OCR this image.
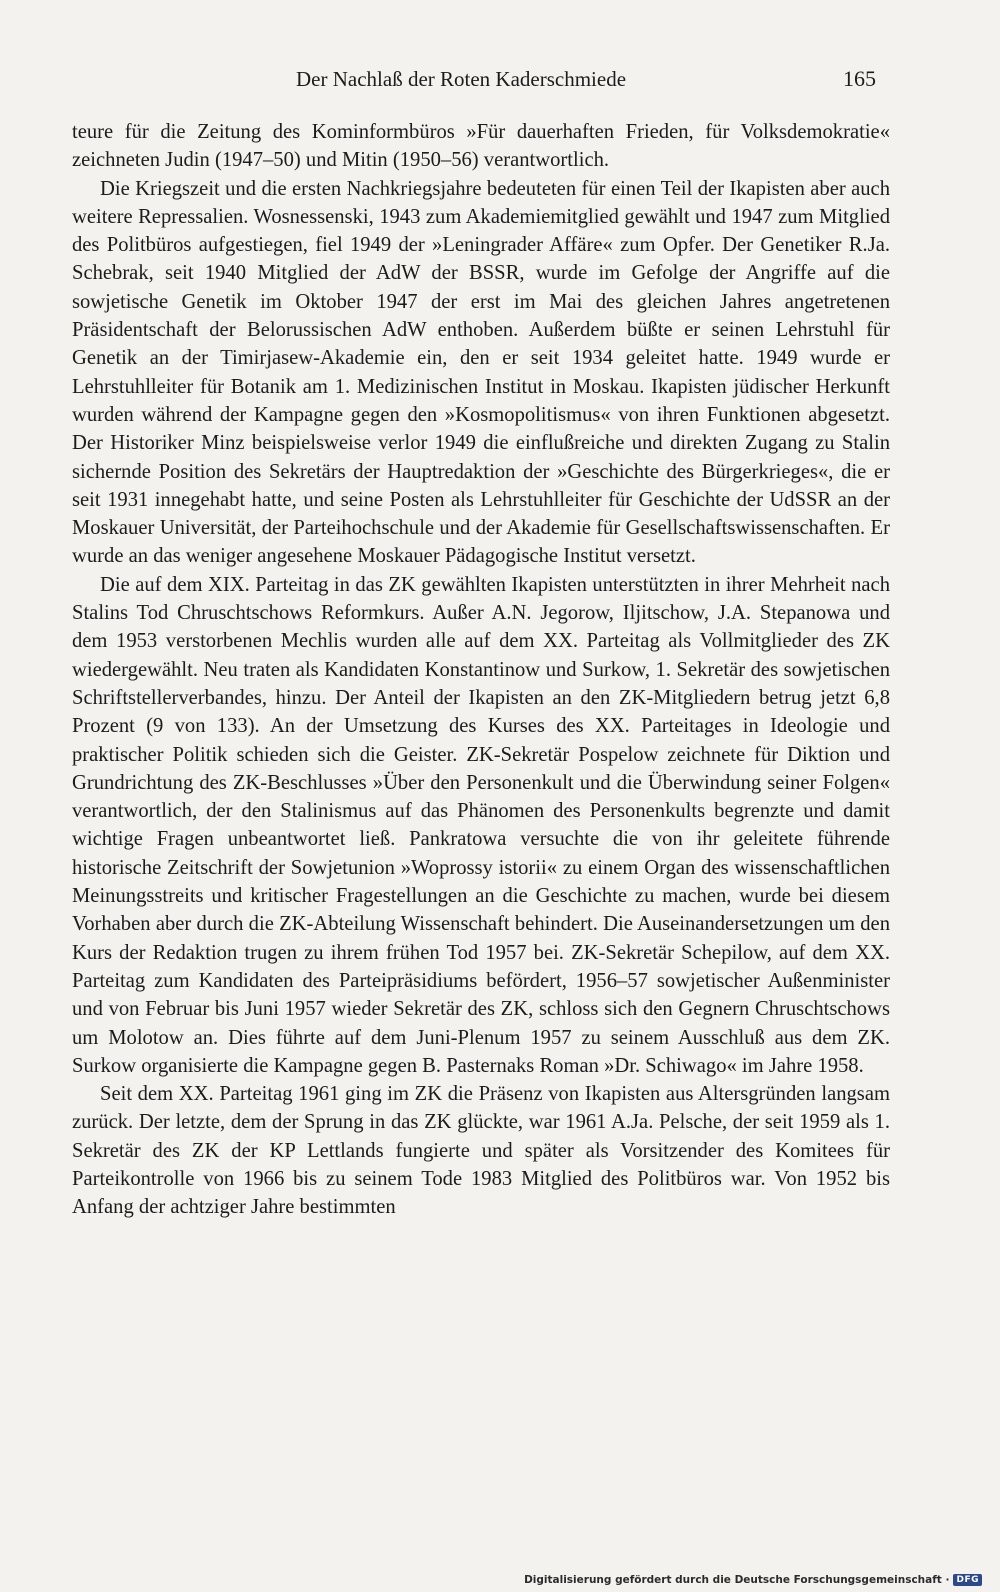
Der Nachlaß der Roten Kaderschmiede	165

teure für die Zeitung des Kominformbüros »Für dauerhaften Frieden, für Volksdemokratie« zeichneten Judin (1947–50) und Mitin (1950–56) verantwortlich.

Die Kriegszeit und die ersten Nachkriegsjahre bedeuteten für einen Teil der Ikapisten aber auch weitere Repressalien. Wosnessenski, 1943 zum Akademiemitglied gewählt und 1947 zum Mitglied des Politbüros aufgestiegen, fiel 1949 der »Leningrader Affäre« zum Opfer. Der Genetiker R.Ja. Schebrak, seit 1940 Mitglied der AdW der BSSR, wurde im Gefolge der Angriffe auf die sowjetische Genetik im Oktober 1947 der erst im Mai des gleichen Jahres angetretenen Präsidentschaft der Belorussischen AdW enthoben. Außerdem büßte er seinen Lehrstuhl für Genetik an der Timirjasew-Akademie ein, den er seit 1934 geleitet hatte. 1949 wurde er Lehrstuhlleiter für Botanik am 1. Medizinischen Institut in Moskau. Ikapisten jüdischer Herkunft wurden während der Kampagne gegen den »Kosmopolitismus« von ihren Funktionen abgesetzt. Der Historiker Minz beispielsweise verlor 1949 die einflußreiche und direkten Zugang zu Stalin sichernde Position des Sekretärs der Hauptredaktion der »Geschichte des Bürgerkrieges«, die er seit 1931 innegehabt hatte, und seine Posten als Lehrstuhlleiter für Geschichte der UdSSR an der Moskauer Universität, der Parteihochschule und der Akademie für Gesellschaftswissenschaften. Er wurde an das weniger angesehene Moskauer Pädagogische Institut versetzt.

Die auf dem XIX. Parteitag in das ZK gewählten Ikapisten unterstützten in ihrer Mehrheit nach Stalins Tod Chruschtschows Reformkurs. Außer A.N. Jegorow, Iljitschow, J.A. Stepanowa und dem 1953 verstorbenen Mechlis wurden alle auf dem XX. Parteitag als Vollmitglieder des ZK wiedergewählt. Neu traten als Kandidaten Konstantinow und Surkow, 1. Sekretär des sowjetischen Schriftstellerverbandes, hinzu. Der Anteil der Ikapisten an den ZK-Mitgliedern betrug jetzt 6,8 Prozent (9 von 133). An der Umsetzung des Kurses des XX. Parteitages in Ideologie und praktischer Politik schieden sich die Geister. ZK-Sekretär Pospelow zeichnete für Diktion und Grundrichtung des ZK-Beschlusses »Über den Personenkult und die Überwindung seiner Folgen« verantwortlich, der den Stalinismus auf das Phänomen des Personenkults begrenzte und damit wichtige Fragen unbeantwortet ließ. Pankratowa versuchte die von ihr geleitete führende historische Zeitschrift der Sowjetunion »Woprossy istorii« zu einem Organ des wissenschaftlichen Meinungsstreits und kritischer Fragestellungen an die Geschichte zu machen, wurde bei diesem Vorhaben aber durch die ZK-Abteilung Wissenschaft behindert. Die Auseinandersetzungen um den Kurs der Redaktion trugen zu ihrem frühen Tod 1957 bei. ZK-Sekretär Schepilow, auf dem XX. Parteitag zum Kandidaten des Parteipräsidiums befördert, 1956–57 sowjetischer Außenminister und von Februar bis Juni 1957 wieder Sekretär des ZK, schloss sich den Gegnern Chruschtschows um Molotow an. Dies führte auf dem Juni-Plenum 1957 zu seinem Ausschluß aus dem ZK. Surkow organisierte die Kampagne gegen B. Pasternaks Roman »Dr. Schiwago« im Jahre 1958.

Seit dem XX. Parteitag 1961 ging im ZK die Präsenz von Ikapisten aus Altersgründen langsam zurück. Der letzte, dem der Sprung in das ZK glückte, war 1961 A.Ja. Pelsche, der seit 1959 als 1. Sekretär des ZK der KP Lettlands fungierte und später als Vorsitzender des Komitees für Parteikontrolle von 1966 bis zu seinem Tode 1983 Mitglied des Politbüros war. Von 1952 bis Anfang der achtziger Jahre bestimmten

Digitalisierung gefördert durch die Deutsche Forschungsgemeinschaft · DFG
